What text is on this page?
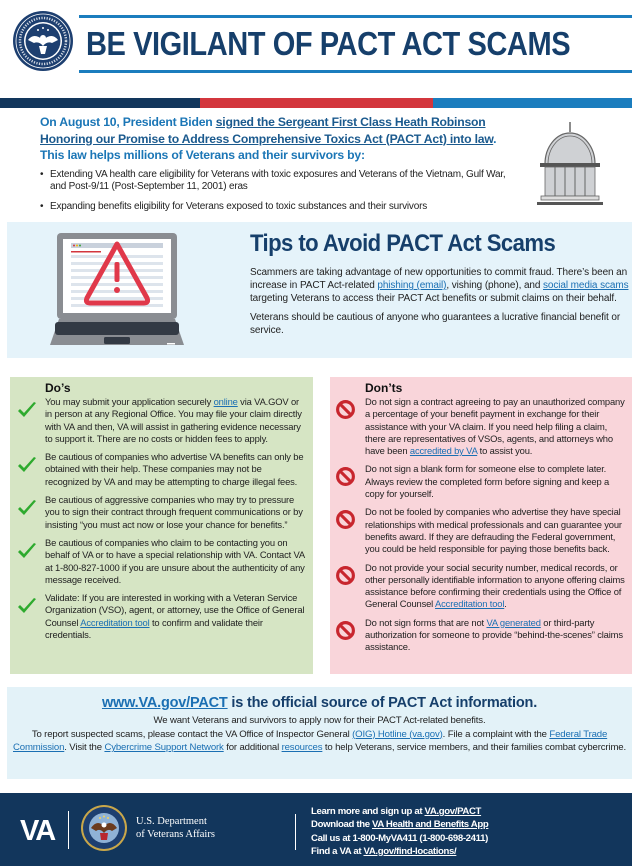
BE VIGILANT OF PACT ACT SCAMS

On August 10, President Biden signed the Sergeant First Class Heath Robinson Honoring our Promise to Address Comprehensive Toxics Act (PACT Act) into law. This law helps millions of Veterans and their survivors by:

• Extending VA health care eligibility for Veterans with toxic exposures and Veterans of the Vietnam, Gulf War, and Post-9/11 (Post-September 11, 2001) eras
• Expanding benefits eligibility for Veterans exposed to toxic substances and their survivors
Tips to Avoid PACT Act Scams

Scammers are taking advantage of new opportunities to commit fraud. There’s been an increase in PACT Act-related phishing (email), vishing (phone), and social media scams targeting Veterans to access their PACT Act benefits or submit claims on their behalf.

Veterans should be cautious of anyone who guarantees a lucrative financial benefit or service.

Do’s
You may submit your application securely online via VA.GOV or in person at any Regional Office. You may file your claim directly with VA and then, VA will assist in gathering evidence necessary to support it. There are no costs or hidden fees to apply.
Be cautious of companies who advertise VA benefits can only be obtained with their help. These companies may not be recognized by VA and may be attempting to charge illegal fees.
Be cautious of aggressive companies who may try to pressure you to sign their contract through frequent communications or by insisting “you must act now or lose your chance for benefits.”
Be cautious of companies who claim to be contacting you on behalf of VA or to have a special relationship with VA. Contact VA at 1-800-827-1000 if you are unsure about the authenticity of any message received.
Validate: If you are interested in working with a Veteran Service Organization (VSO), agent, or attorney, use the Office of General Counsel Accreditation tool to confirm and validate their credentials.
Don’ts
Do not sign a contract agreeing to pay an unauthorized company a percentage of your benefit payment in exchange for their assistance with your VA claim. If you need help filing a claim, there are representatives of VSOs, agents, and attorneys who have been accredited by VA to assist you.
Do not sign a blank form for someone else to complete later. Always review the completed form before signing and keep a copy for yourself.
Do not be fooled by companies who advertise they have special relationships with medical professionals and can guarantee your benefits award. If they are defrauding the Federal government, you could be held responsible for paying those benefits back.
Do not provide your social security number, medical records, or other personally identifiable information to anyone offering claims assistance before confirming their credentials using the Office of General Counsel Accreditation tool.
Do not sign forms that are not VA generated or third-party authorization for someone to provide “behind-the-scenes” claims assistance.

www.VA.gov/PACT is the official source of PACT Act information.

We want Veterans and survivors to apply now for their PACT Act-related benefits.
To report suspected scams, please contact the VA Office of Inspector General (OIG) Hotline (va.gov). File a complaint with the Federal Trade Commission. Visit the Cybercrime Support Network for additional resources to help Veterans, service members, and their families combat cybercrime.
VA	U.S. Department
of Veterans Affairs
Learn more and sign up at VA.gov/PACT
Download the VA Health and Benefits App
Call us at 1-800-MyVA411 (1-800-698-2411)
Find a VA at VA.gov/find-locations/
